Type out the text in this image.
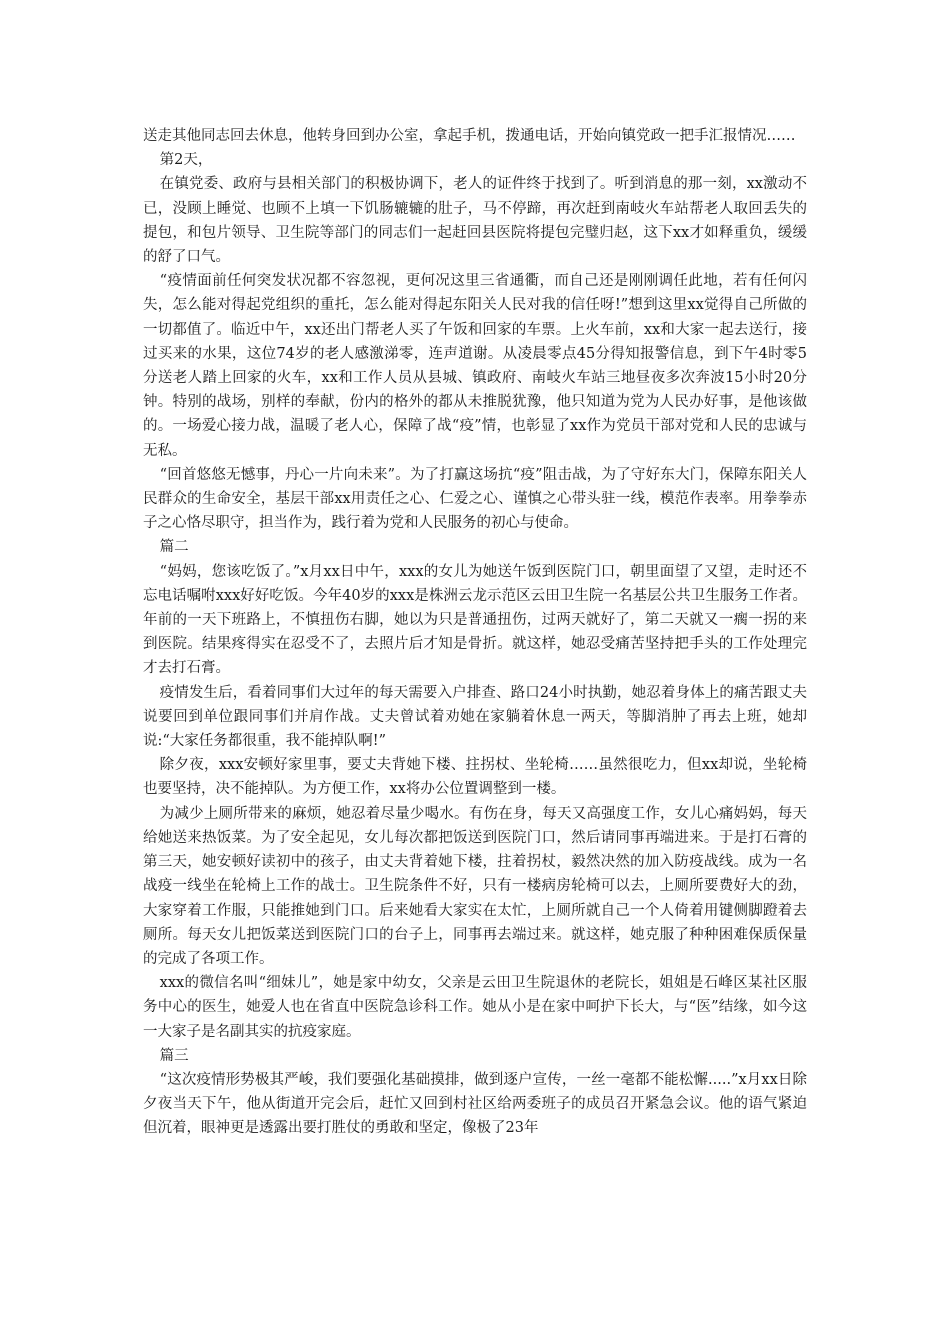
送走其他同志回去休息，他转身回到办公室，拿起手机，拨通电话，开始向镇党政一把手汇报情况……

第2天，

在镇党委、政府与县相关部门的积极协调下，老人的证件终于找到了。听到消息的那一刻，xx激动不已，没顾上睡觉、也顾不上填一下饥肠辘辘的肚子，马不停蹄，再次赶到南岐火车站帮老人取回丢失的提包，和包片领导、卫生院等部门的同志们一起赶回县医院将提包完璧归赵，这下xx才如释重负，缓缓的舒了口气。

“疫情面前任何突发状况都不容忽视，更何况这里三省通衢，而自己还是刚刚调任此地，若有任何闪失，怎么能对得起党组织的重托，怎么能对得起东阳关人民对我的信任呀!”想到这里xx觉得自己所做的一切都值了。临近中午，xx还出门帮老人买了午饭和回家的车票。上火车前，xx和大家一起去送行，接过买来的水果，这位74岁的老人感激涕零，连声道谢。从凌晨零点45分得知报警信息，到下午4时零5分送老人踏上回家的火车，xx和工作人员从县城、镇政府、南岐火车站三地昼夜多次奔波15小时20分钟。特别的战场，别样的奉献，份内的格外的都从未推脱犹豫，他只知道为党为人民办好事，是他该做的。一场爱心接力战，温暖了老人心，保障了战“疫”情，也彰显了xx作为党员干部对党和人民的忠诚与无私。

“回首悠悠无憾事，丹心一片向未来”。为了打赢这场抗“疫”阻击战，为了守好东大门，保障东阳关人民群众的生命安全，基层干部xx用责任之心、仁爱之心、谨慎之心带头驻一线，模范作表率。用拳拳赤子之心恪尽职守，担当作为，践行着为党和人民服务的初心与使命。

篇二

“妈妈，您该吃饭了。”x月xx日中午，xxx的女儿为她送午饭到医院门口，朝里面望了又望，走时还不忘电话嘱咐xxx好好吃饭。今年40岁的xxx是株洲云龙示范区云田卫生院一名基层公共卫生服务工作者。年前的一天下班路上，不慎扭伤右脚，她以为只是普通扭伤，过两天就好了，第二天就又一瘸一拐的来到医院。结果疼得实在忍受不了，去照片后才知是骨折。就这样，她忍受痛苦坚持把手头的工作处理完才去打石膏。

疫情发生后，看着同事们大过年的每天需要入户排查、路口24小时执勤，她忍着身体上的痛苦跟丈夫说要回到单位跟同事们并肩作战。丈夫曾试着劝她在家躺着休息一两天，等脚消肿了再去上班，她却说:“大家任务都很重，我不能掉队啊!”

除夕夜，xxx安顿好家里事，要丈夫背她下楼、拄拐杖、坐轮椅……虽然很吃力，但xx却说，坐轮椅也要坚持，决不能掉队。为方便工作，xx将办公位置调整到一楼。

为减少上厕所带来的麻烦，她忍着尽量少喝水。有伤在身，每天又高强度工作，女儿心痛妈妈，每天给她送来热饭菜。为了安全起见，女儿每次都把饭送到医院门口，然后请同事再端进来。于是打石膏的第三天，她安顿好读初中的孩子，由丈夫背着她下楼，拄着拐杖，毅然决然的加入防疫战线。成为一名战疫一线坐在轮椅上工作的战士。卫生院条件不好，只有一楼病房轮椅可以去，上厕所要费好大的劲，大家穿着工作服，只能推她到门口。后来她看大家实在太忙，上厕所就自己一个人倚着用键侧脚蹬着去厕所。每天女儿把饭菜送到医院门口的台子上，同事再去端过来。就这样，她克服了种种困难保质保量的完成了各项工作。

xxx的微信名叫“细妹儿”，她是家中幼女，父亲是云田卫生院退休的老院长，姐姐是石峰区某社区服务中心的医生，她爱人也在省直中医院急诊科工作。她从小是在家中呵护下长大，与“医”结缘，如今这一大家子是名副其实的抗疫家庭。

篇三

“这次疫情形势极其严峻，我们要强化基础摸排，做到逐户宣传，一丝一毫都不能松懈.....”x月xx日除夕夜当天下午，他从街道开完会后，赶忙又回到村社区给两委班子的成员召开紧急会议。他的语气紧迫但沉着，眼神更是透露出要打胜仗的勇敢和坚定，像极了23年
